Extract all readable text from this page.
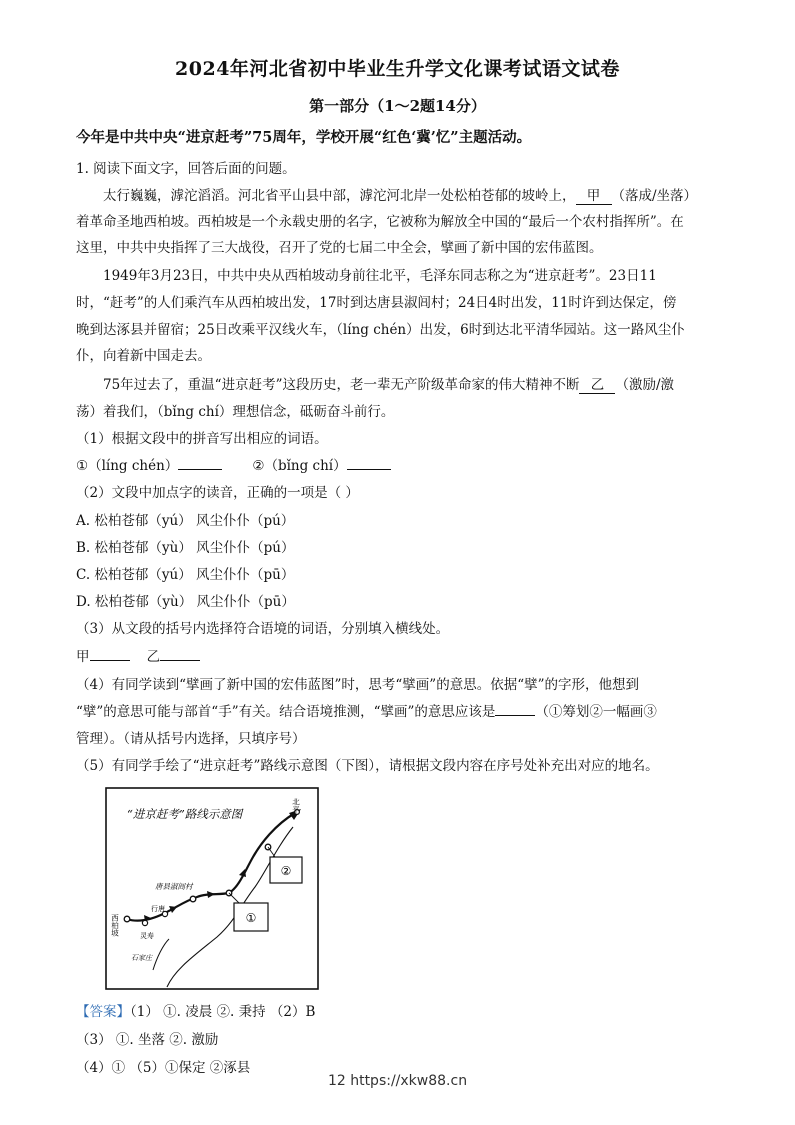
2024年河北省初中毕业生升学文化课考试语文试卷
第一部分（1～2题14分）
今年是中共中央“进京赶考”75周年，学校开展“红色‘冀’忆”主题活动。
1. 阅读下面文字，回答后面的问题。
太行巍巍，滹沱滔滔。河北省平山县中部，滹沱河北岸一处松柏苍郁的坡岭上， 甲 （落成/坐落）
着革命圣地西柏坡。西柏坡是一个永载史册的名字，它被称为解放全中国的“最后一个农村指挥所”。在
这里，中共中央指挥了三大战役，召开了党的七届二中全会，擘画了新中国的宏伟蓝图。
1949年3月23日，中共中央从西柏坡动身前往北平，毛泽东同志称之为“进京赶考”。23日11
时，“赶考”的人们乘汽车从西柏坡出发，17时到达唐县淑闾村；24日4时出发，11时许到达保定，傍
晚到达涿县并留宿；25日改乘平汉线火车，（líng chén）出发，6时到达北平清华园站。这一路风尘仆
仆，向着新中国走去。
75年过去了，重温“进京赶考”这段历史，老一辈无产阶级革命家的伟大精神不断 乙 （激励/激
荡）着我们，（bǐng chí）理想信念，砥砺奋斗前行。
（1）根据文段中的拼音写出相应的词语。
①（líng chén）	②（bǐng chí）
（2）文段中加点字的读音，正确的一项是（ ）
A. 松柏苍郁（yú） 风尘仆仆（pú）
B. 松柏苍郁（yù） 风尘仆仆（pú）
C. 松柏苍郁（yú） 风尘仆仆（pū）
D. 松柏苍郁（yù） 风尘仆仆（pū）
（3）从文段的括号内选择符合语境的词语，分别填入横线处。
甲	乙
（4）有同学读到“擘画了新中国的宏伟蓝图”时，思考“擘画”的意思。依据“擘”的字形，他想到
“擘”的意思可能与部首“手”有关。结合语境推测，“擘画”的意思应该是	（①筹划②一幅画③
管理）。（请从括号内选择，只填序号）
（5）有同学手绘了“进京赶考”路线示意图（下图），请根据文段内容在序号处补充出对应的地名。
“进京赶考”路线示意图
北平
西柏坡
唐县淑闾村
行唐
灵寿
石家庄
①
②
【答案】（1） ①. 凌晨 ②. 秉持 （2）B
（3） ①. 坐落 ②. 激励
（4）① （5）①保定 ②涿县
12 https://xkw88.cn
